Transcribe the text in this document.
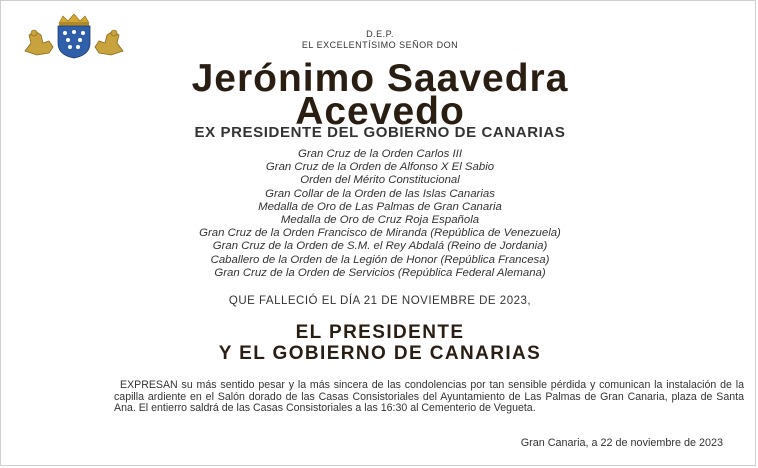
D.E.P.
EL EXCELENTÍSIMO SEÑOR DON
Jerónimo Saavedra
Acevedo
EX PRESIDENTE DEL GOBIERNO DE CANARIAS
Gran Cruz de la Orden Carlos III
Gran Cruz de la Orden de Alfonso X El Sabio
Orden del Mérito Constitucional
Gran Collar de la Orden de las Islas Canarias
Medalla de Oro de Las Palmas de Gran Canaria
Medalla de Oro de Cruz Roja Española
Gran Cruz de la Orden Francisco de Miranda (República de Venezuela)
Gran Cruz de la Orden de S.M. el Rey Abdalá (Reino de Jordania)
Caballero de la Orden de la Legión de Honor (República Francesa)
Gran Cruz de la Orden de Servicios (República Federal Alemana)
QUE FALLECIÓ EL DÍA 21 DE NOVIEMBRE DE 2023,
EL PRESIDENTE
Y EL GOBIERNO DE CANARIAS
EXPRESAN su más sentido pesar y la más sincera de las condolencias por tan sensible pérdida y comunican la instalación de la capilla ardiente en el Salón dorado de las Casas Consistoriales del Ayuntamiento de Las Palmas de Gran Canaria, plaza de Santa Ana. El entierro saldrá de las Casas Consistoriales a las 16:30 al Cementerio de Vegueta.
Gran Canaria, a 22 de noviembre de 2023
